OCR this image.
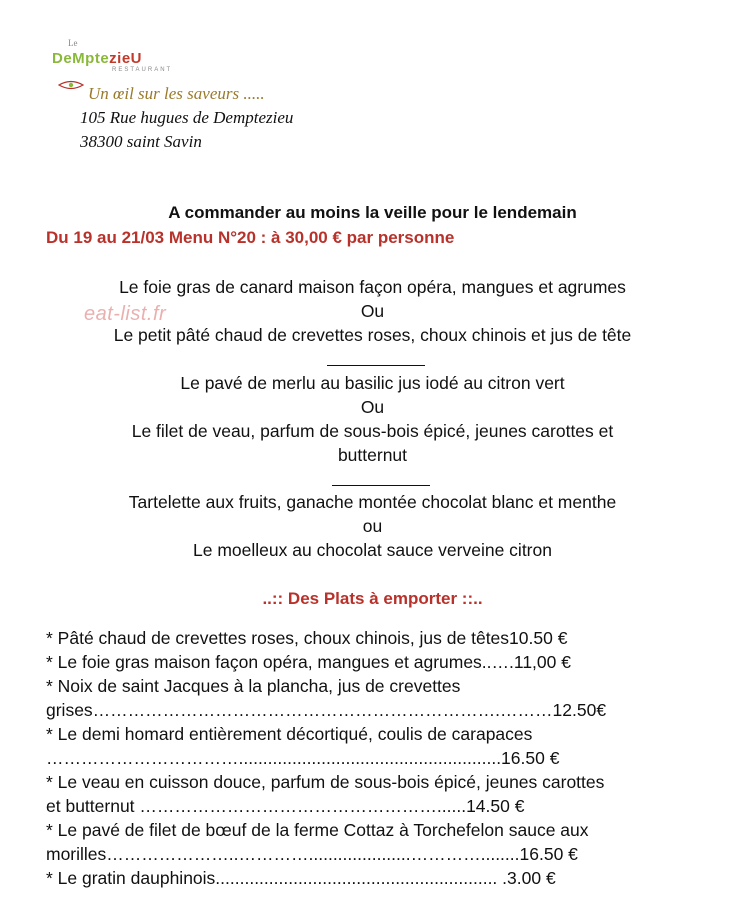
Le
DeMptezieU
RESTAURANT
Un œil sur les saveurs .....
105 Rue hugues de Demptezieu
38300 saint Savin
A commander au moins la veille pour le lendemain
Du 19 au 21/03 Menu N°20 : à 30,00 € par personne
Le foie gras de canard maison façon opéra, mangues et agrumes
Ou
Le petit pâté chaud de crevettes roses, choux chinois et jus de tête
eat-list.fr
Le pavé de merlu au basilic jus iodé au citron vert
Ou
Le filet de veau, parfum de sous-bois épicé, jeunes carottes et
butternut
Tartelette aux fruits, ganache montée chocolat blanc et menthe
ou
Le moelleux au chocolat sauce verveine citron
..:: Des Plats à emporter ::..
* Pâté chaud de crevettes roses, choux chinois, jus de têtes10.50 €
* Le foie gras maison façon opéra, mangues et agrumes..….11,00 €
* Noix de saint Jacques à la plancha, jus de crevettes
grises…………………………………………………………….………12.50€
* Le demi homard entièrement décortiqué, coulis de carapaces
……………………………......................................................16.50 €
* Le veau en cuisson douce, parfum de sous-bois épicé, jeunes carottes
et butternut ……………………………………………......14.50 €
* Le pavé de filet de bœuf de la ferme Cottaz à Torchefelon sauce aux
morilles…………………..………….....................…………........16.50 €
* Le gratin dauphinois.......................................................... .3.00 €
